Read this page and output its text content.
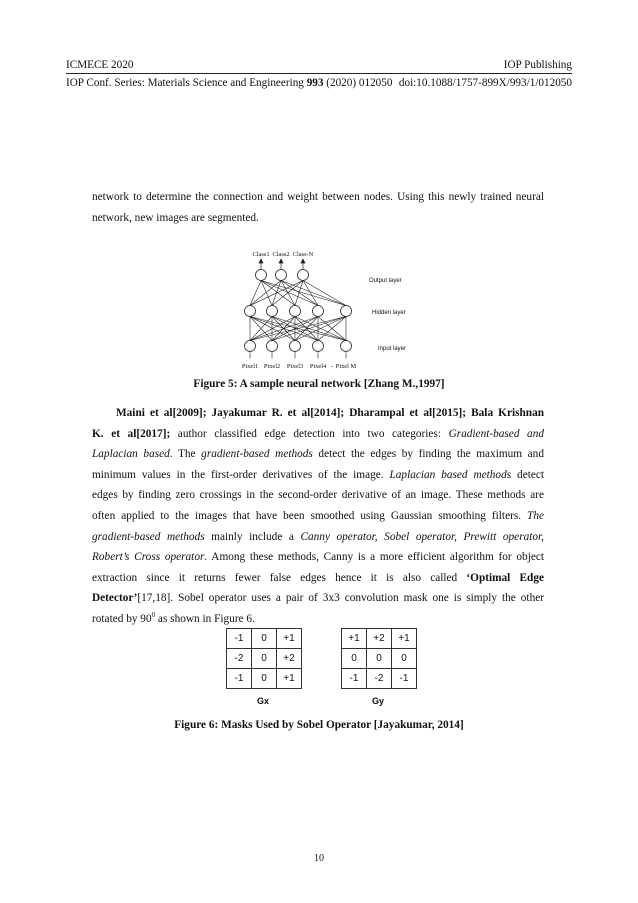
ICMECE 2020	IOP Publishing
IOP Conf. Series: Materials Science and Engineering 993 (2020) 012050 doi:10.1088/1757-899X/993/1/012050
network to determine the connection and weight between nodes. Using this newly trained neural
network, new images are segmented.
Class1 Class2 Class-N
Output layer
Hidden layer
Input layer
Pixel1 Pixel2 Pixel3 Pixel4 - Pixel M
Figure 5: A sample neural network [Zhang M.,1997]
Maini et al[2009]; Jayakumar R. et al[2014]; Dharampal et al[2015]; Bala Krishnan
K. et al[2017]; author classified edge detection into two categories: Gradient-based and
Laplacian based. The gradient-based methods detect the edges by finding the maximum and
minimum values in the first-order derivatives of the image. Laplacian based methods detect
edges by finding zero crossings in the second-order derivative of an image. These methods are
often applied to the images that have been smoothed using Gaussian smoothing filters. The
gradient-based methods mainly include a Canny operator, Sobel operator, Prewitt operator,
Robert’s Cross operator. Among these methods, Canny is a more efficient algorithm for object
extraction since it returns fewer false edges hence it is also called ‘Optimal Edge
Detector’[17,18]. Sobel operator uses a pair of 3x3 convolution mask one is simply the other
rotated by $90^0$ as shown in Figure 6.
-1	0	+1
-2	0	+2
-1	0	+1
Gx
+1	+2	+1
0	0	0
-1	-2	-1
Gy
Figure 6: Masks Used by Sobel Operator [Jayakumar, 2014]
10
